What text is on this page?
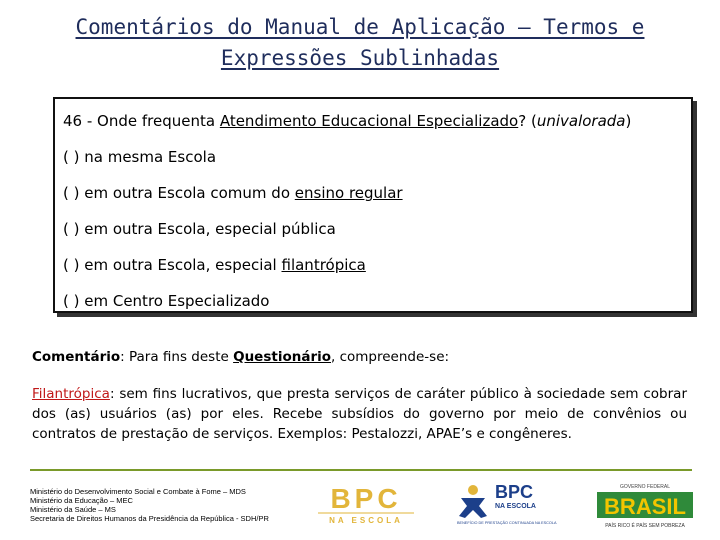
Comentários do Manual de Aplicação – Termos e
Expressões Sublinhadas
46 - Onde frequenta Atendimento Educacional Especializado? (univalorada)
( ) na mesma Escola
( ) em outra Escola comum do ensino regular
( ) em outra Escola, especial pública
( ) em outra Escola, especial filantrópica
( ) em Centro Especializado
Comentário: Para fins deste Questionário, compreende-se:
Filantrópica: sem fins lucrativos, que presta serviços de caráter público à sociedade sem cobrar dos (as) usuários (as) por eles. Recebe subsídios do governo por meio de convênios ou contratos de prestação de serviços. Exemplos: Pestalozzi, APAE’s e congêneres.
Ministério do Desenvolvimento Social e Combate à Fome – MDS
Ministério da Educação – MEC
Ministério da Saúde – MS
Secretaria de Direitos Humanos da Presidência da República - SDH/PR
BPC
NA ESCOLA
BPC
NA ESCOLA
BENEFÍCIO DE PRESTAÇÃO CONTINUADA NA ESCOLA
GOVERNO FEDERAL
BRASIL
PAÍS RICO É PAÍS SEM POBREZA
